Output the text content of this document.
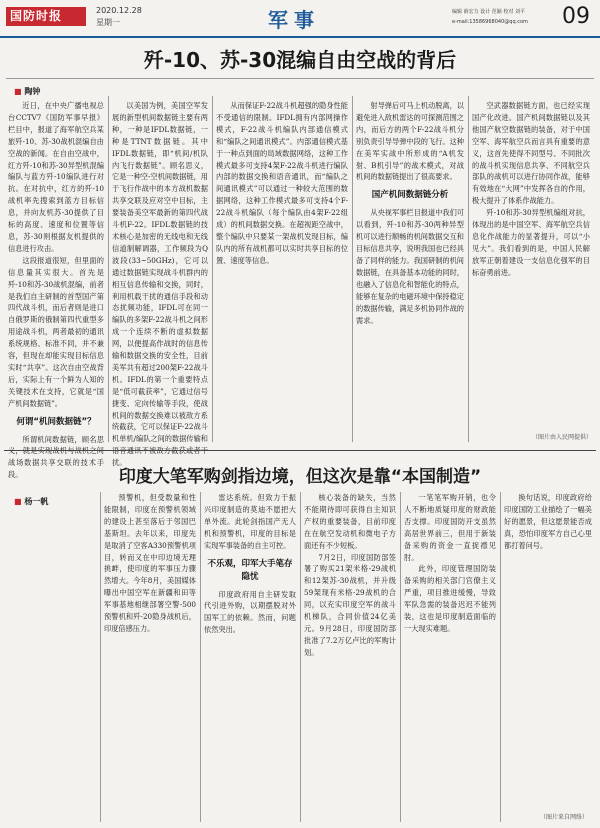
国防时报	2020.12.28
星期一	军事	编辑 薛宏力 设计 范颖 校对 刘平
e-mail:13586968040@qq.com 09
歼-10、苏-30混编自由空战的背后
■ 陶钟

近日，在中央广播电视总台CCTV7《国防军事早报》栏目中，报道了海军航空兵某旅歼-10、苏-30战机混编自由空战的新闻。在自由空战中，红方歼-10和苏-30异型机混编编队与蓝方歼-10编队进行对抗。在对抗中，红方的歼-10战机率先搜索到蓝方目标信息，并向友机苏-30提供了目标的高度、速度和位置等信息，苏-30则根据友机提供的信息进行攻击。

这段报道很短，但里面的信息量其实很大。首先是歼-10和苏-30战机混编，前者是我们自主研制的首型国产第四代战斗机，而后者则是进口自俄罗斯的俄制第四代重型多用途战斗机，两者最初的通讯系统规格、标准不同，并不兼容，但现在却能实现目标信息实时“共享”。这次自由空战背后，实际上有一个鲜为人知的关键技术在支持，它就是“国产机间数据链”。

何谓“机间数据链”？

所谓机间数据链，顾名思 战场数据共享交联的技术手段。

以美国为例，美国空军发展的新型机间数据链主要有两种，一种是IFDL数据链，一种是TTNT数据链。其中IFDL数据链，即“机间/机队内飞行数据链”。顾名思义，它是一种空-空机间数据链，用于飞行作战中的本方战机数据共享交联及应对空中目标，主要装备美空军最新的第四代战斗机F-22。IFDL数据链的技术核心是加密的无线电和无线信道制解调器，工作频段为Q波段(33~50GHz)，它可以通过数据链实现战斗机群内的相互信息传输和交换，同时，利用机载干扰的通信手段和动态扰频功能，IFDL可在同一编队的多架F-22战斗机之间形成一个连续不断的虚拟数据网，以便提高作战时的信息传输和数据交换的安全性，目前美军共有超过200架F-22战斗机。IFDL的第一个重要特点是“低可截获率”，它通过信号捷变、定向传输等手段，使战机间的数据交换难以被敌方系统截获，它可以保证F-22战斗机单机/编队之间的数据传输和 扰。

从而保证F-22战斗机超强的隐身性能不受通信的限制。IFDL拥有内部网操作模式，F-22战斗机编队内部通信模式和“编队之间通讯模式”。内部通信模式基于一种点到面的局域数据网络，这种工作模式最多可支持4架F-22战斗机进行编队内部的数据交换和语音通讯，而“编队之间通讯模式”可以通过一种较大范围的数据网络，这种工作模式最多可支持4个F-22战斗机编队（每个编队由4架F-22组成）的机间数据交换。在超视距空战中，整个编队中只要某一架战机发现目标，编队内的所有战机都可以实时共享目标的位置、速度等信息。

射导弹后可马上机动脱离，以避免进入敌机雷达的可探测范围之内，而后方的两个F-22战斗机分别负责引导导弹中段的飞行。这种在美军实战中所形成的“A机发射、B机引导”的战术模式，对战机间的数据链提出了很高要求。

国产机间数据链分析

从央视军事栏目报道中我们可以看到，歼-10和苏-30两种异型机可以进行顺畅的机间数据交互和目标信息共享，说明我国也已经具备了同样的能力。我国研制的机间数据链，在具备基本功能的同时，也融入了信息化和智能化的特点，能够在复杂的电磁环境中保持稳定的数据传输，满足多机协同作战的需求。

空武器数据链方面，也已经实现国产化改进。国产机间数据链以及其他国产航空数据链的装备，对于中国空军、海军航空兵而言具有重要的意义，这首先使得不同型号、不同批次的战斗机实现信息共享、不同航空兵部队的战机可以进行协同作战，能够有效地在“大网”中发挥各自的作用，极大提升了体系作战能力。

歼-10和苏-30异型机编组对抗，体现出的是中国空军、海军航空兵信息化作战能力的显著提升，可以“小见大”。我们看到的是，中国人民解放军正朝着建设一支信息化强军的目标奋勇前进。

（图片由人民网提供）
印度大笔军购剑指边境，但这次是靠“本国制造”
■ 杨一帆	预警机，但受数量和性能限制，印度在预警机领域的建设上甚至落后于邻国巴基斯坦。去年以来，印度先是取消了空客A330预警机项目，转而又在中印边境无理挑衅，使印度的军事压力骤然增大。今年8月，美国媒体曝出中国空军在新疆和田等军事基地相继部署空警-500预警机和歼-20隐身战机后，印度倍感压力。

雷达系统。但致力于振兴印度制造的莫迪不愿把大单外流。此轮剑指国产无人机和预警机，印度的目标是实现军事装备的自主可控。

不乐观，印军大手笔存隐忧

印度政府用自主研发取代引进外购，以期摆脱对外国军工的依赖。然而，问题依然突出。

核心装备的缺失，当然不能期待即可获得自主知识产权的重要装备，目前印度在在航空发动机和微电子方面还有不少短板。

7月2日，印度国防部签署了购买21架米格-29战机和12架苏-30战机，并升级59架现有米格-29战机的合同，以充实印度空军的战斗机梯队，合同价值24亿美元。9月28日，印度国防部批准了7.2万亿卢比的军购计划。

一笔笔军购开销，也令人不断地质疑印度的财政能否支撑。印度国防开支虽然高居世界前三，但用于新装备采购的资金一直捉襟见肘。

此外，印度管理国防装备采购的相关部门官僚主义严重，项目推进缓慢，导致军队急需的装备迟迟不能列装，这也是印度制造面临的一大现实难题。

换句话说，印度政府给印度国防工业描绘了一幅美好的愿景，但这愿景能否成真，恐怕印度军方自己心里都打着问号。

（图片来自网络）
